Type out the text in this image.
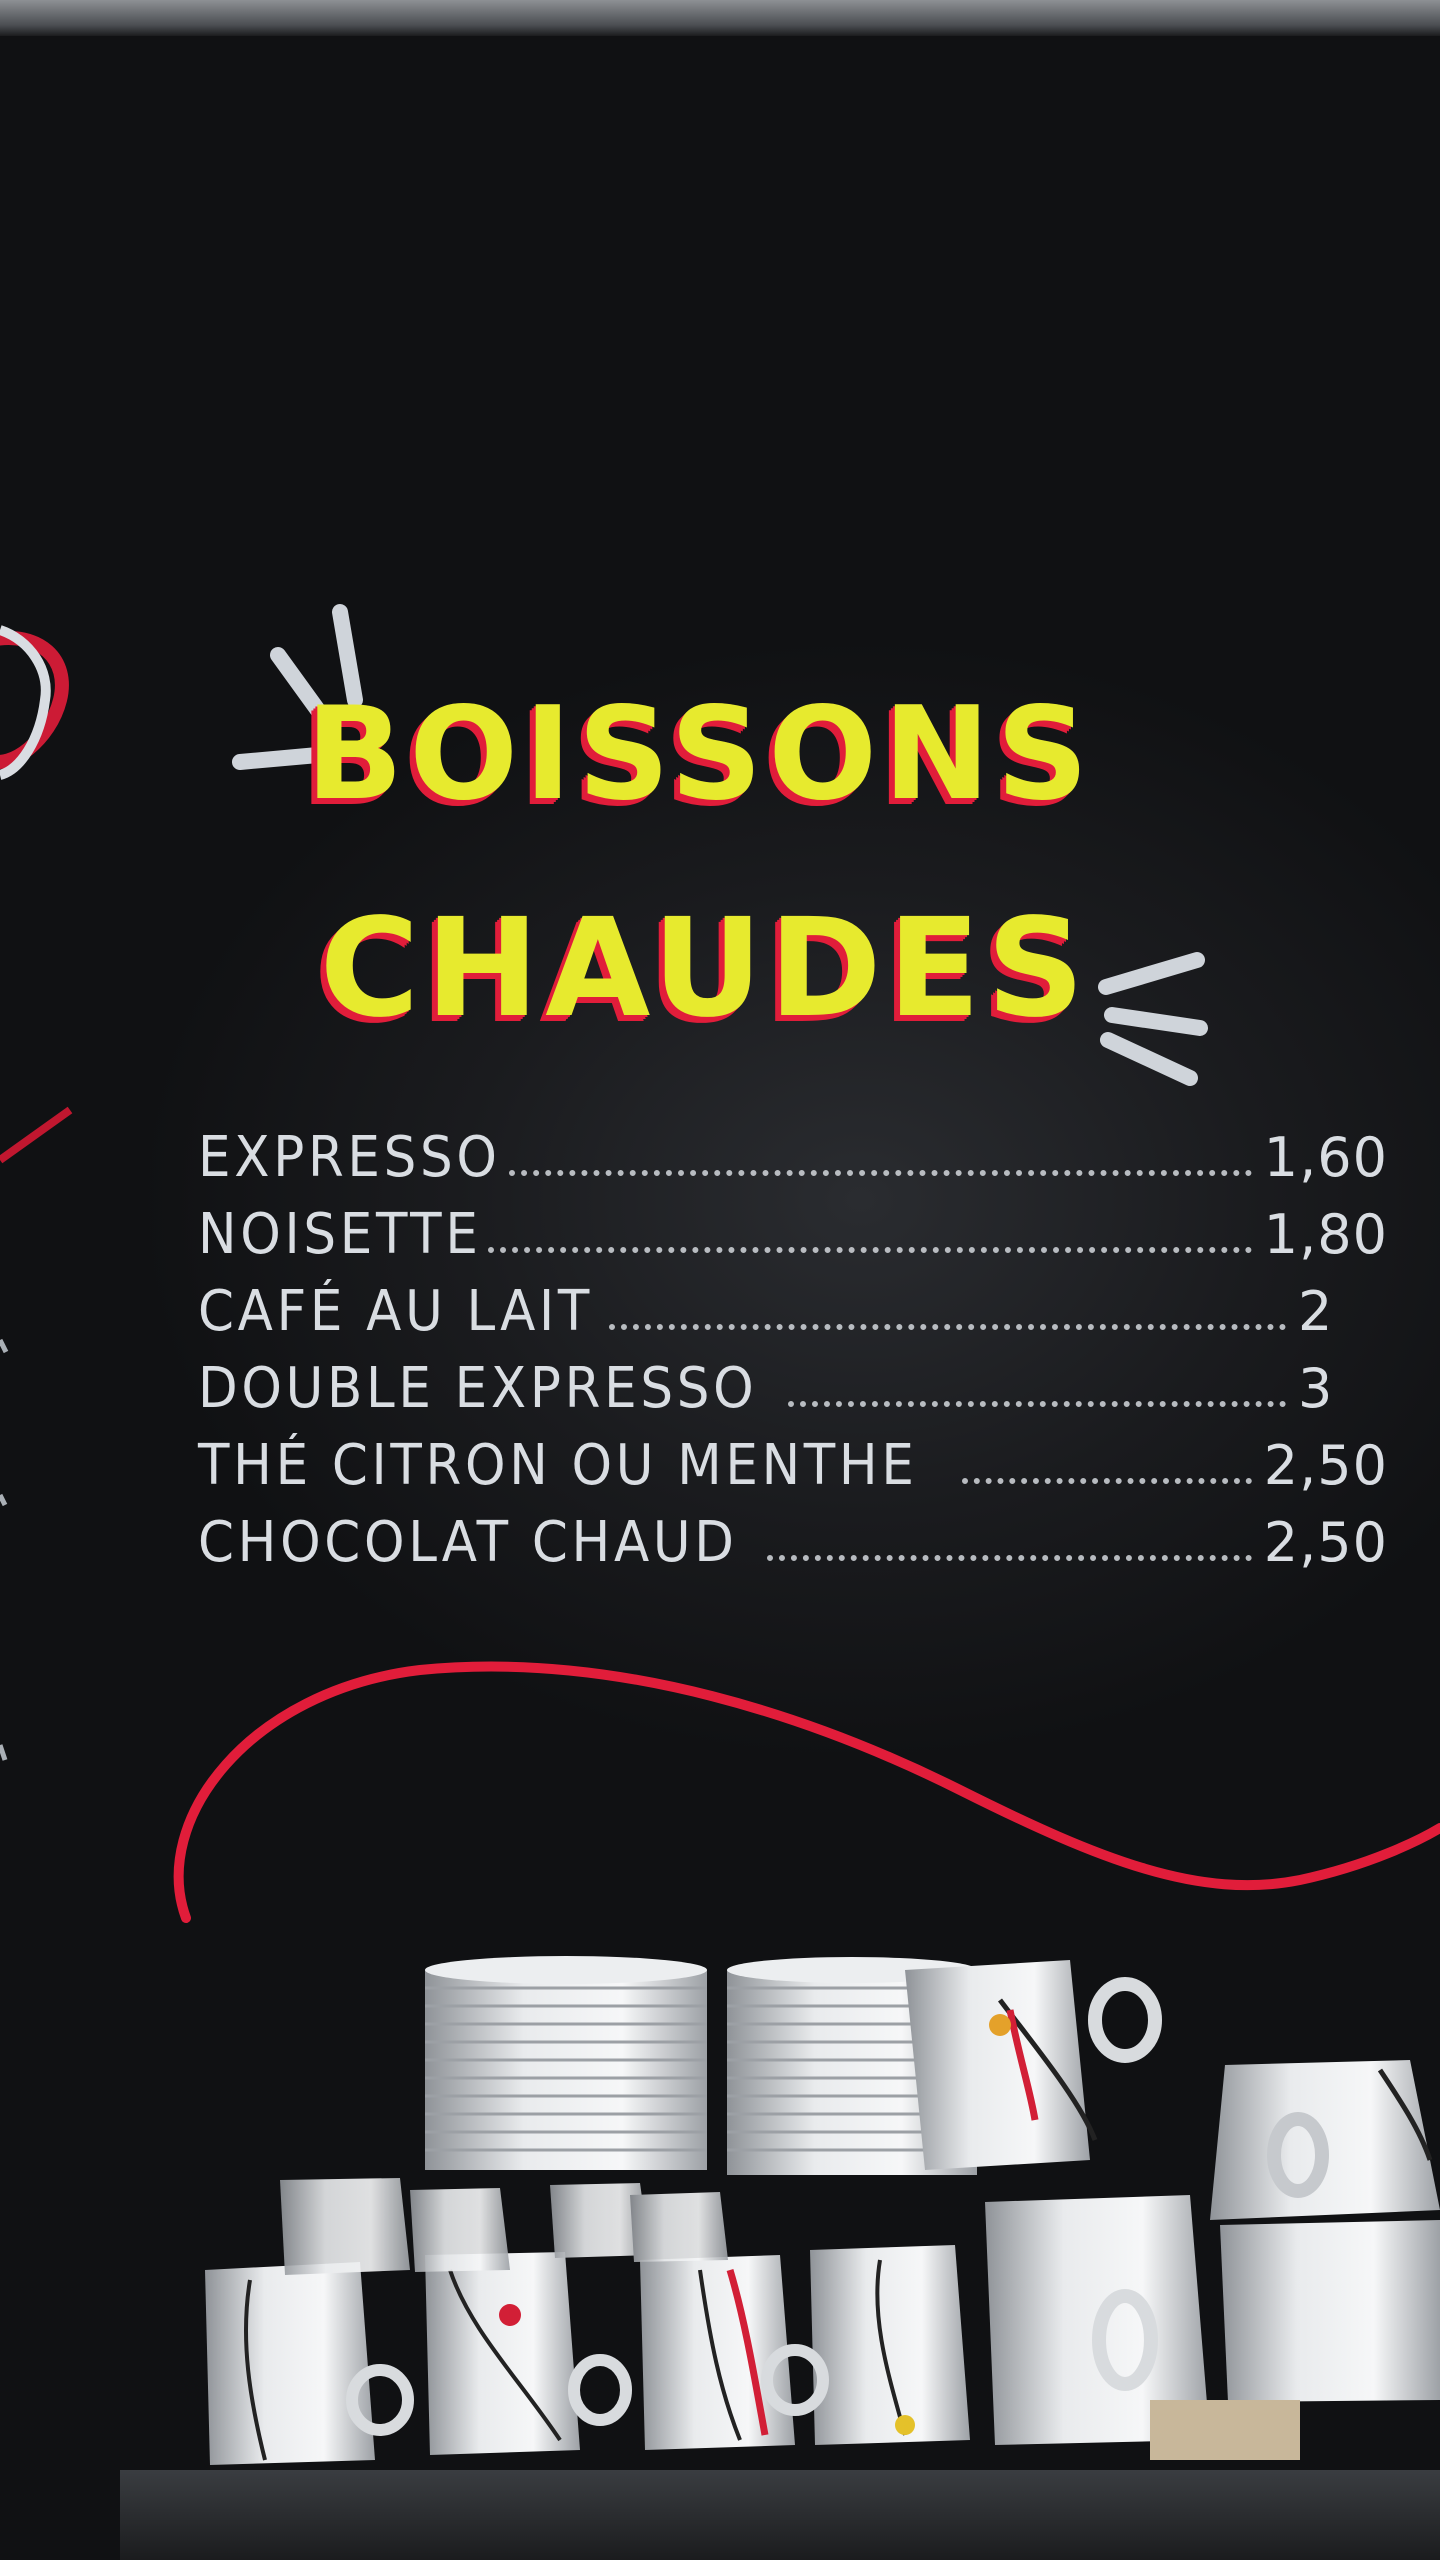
BOISSONS
CHAUDES
EXPRESSO	1,60
NOISETTE	1,80
CAFÉ AU LAIT	2
DOUBLE EXPRESSO	3
THÉ CITRON OU MENTHE	2,50
CHOCOLAT CHAUD	2,50
